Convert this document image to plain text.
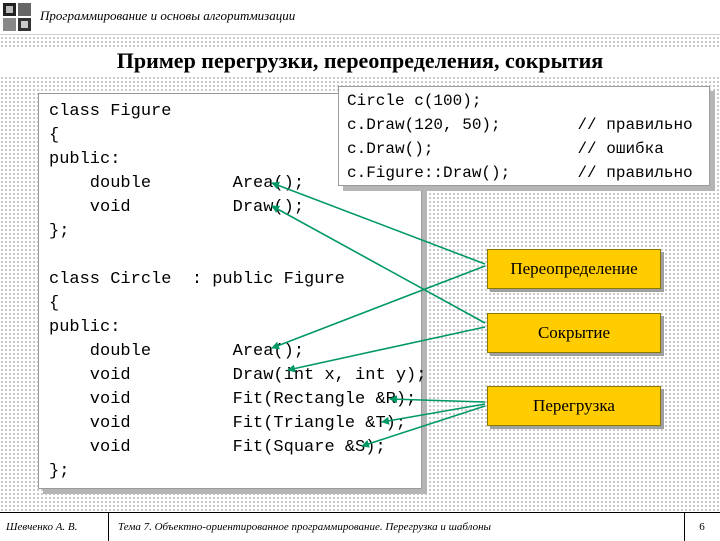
Программирование и основы алгоритмизации
Пример перегрузки, переопределения, сокрытия
class Figure
{
public:
double        Area();
void          Draw();
};
class Circle  : public Figure
{
public:
double        Area();
void          Draw(int x, int y);
void          Fit(Rectangle &R);
void          Fit(Triangle &T);
void          Fit(Square &S);
};
Circle c(100);
c.Draw(120, 50);        // правильно
c.Draw();               // ошибка
c.Figure::Draw();       // правильно
Переопределение
Сокрытие
Перегрузка
Шевченко А. В.	Тема 7. Объектно-ориентированное программирование. Перегрузка и шаблоны	6
